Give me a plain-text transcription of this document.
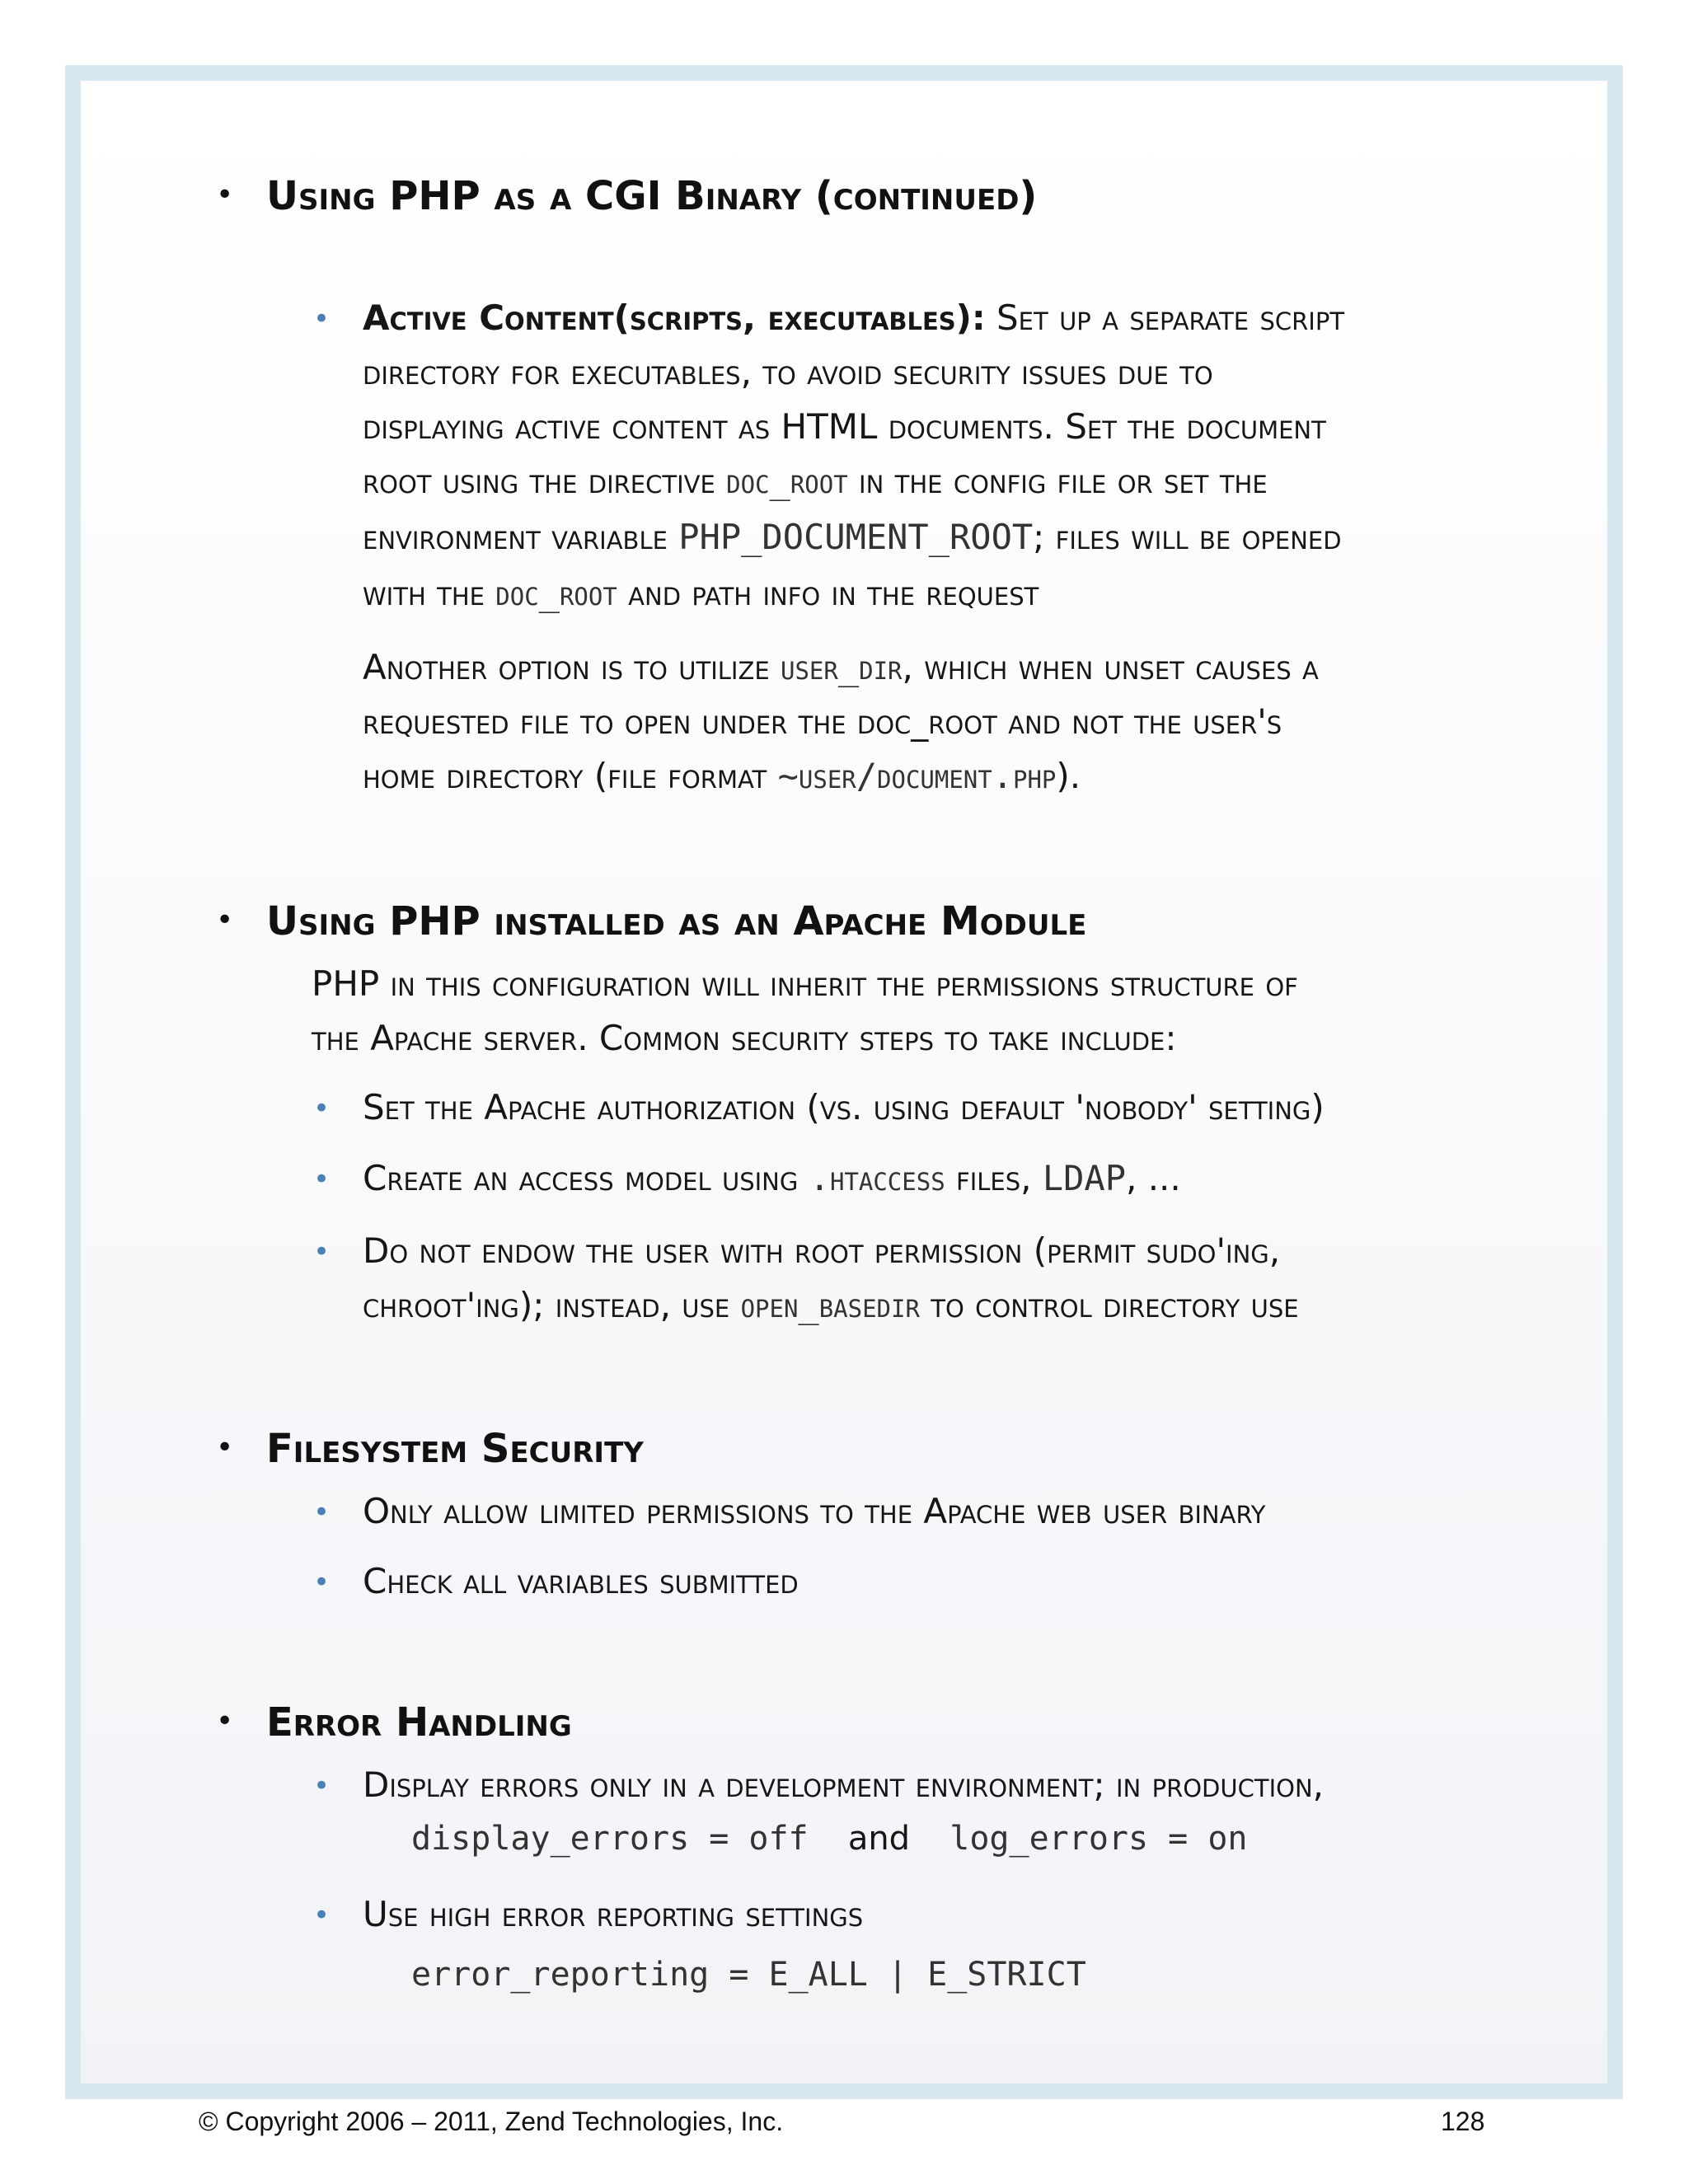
• Using PHP as a CGI Binary (continued)
• Active Content(scripts, executables): Set up a separate script
directory for executables, to avoid security issues due to
displaying active content as HTML documents. Set the document
root using the directive doc_root in the config file or set the
environment variable PHP_DOCUMENT_ROOT; files will be opened
with the doc_root and path info in the request
Another option is to utilize user_dir, which when unset causes a
requested file to open under the doc_root and not the user's
home directory (file format ~user/document.php).
• Using PHP installed as an Apache Module
PHP in this configuration will inherit the permissions structure of
the Apache server. Common security steps to take include:
• Set the Apache authorization (vs. using default 'nobody' setting)
• Create an access model using .htaccess files, LDAP, ...
• Do not endow the user with root permission (permit sudo'ing,
chroot'ing); instead, use open_basedir to control directory use
• Filesystem Security
• Only allow limited permissions to the Apache web user binary
• Check all variables submitted
• Error Handling
• Display errors only in a development environment; in production,
display_errors = off and log_errors = on
• Use high error reporting settings
error_reporting = E_ALL | E_STRICT
© Copyright 2006 – 2011, Zend Technologies, Inc.	128
